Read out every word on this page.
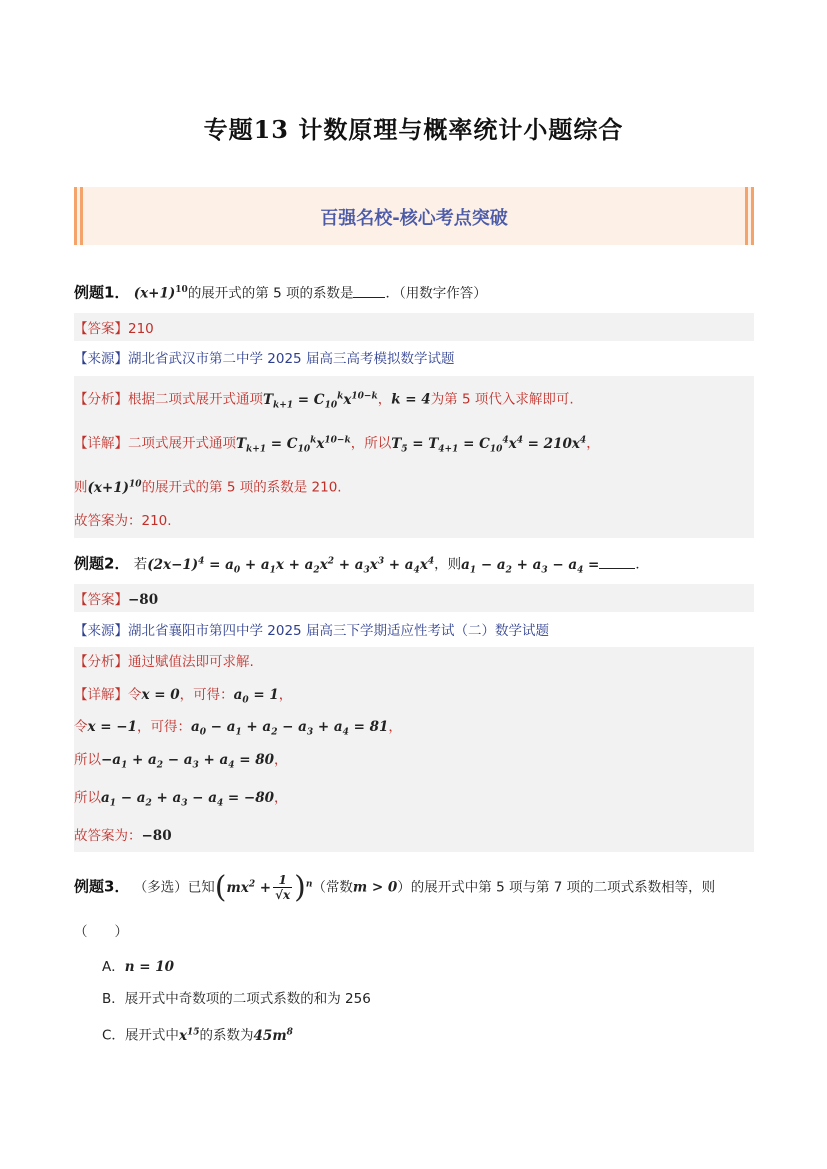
专题13 计数原理与概率统计小题综合
百强名校-核心考点突破
例题1． $(x+1)^{10}$的展开式的第 5 项的系数是 ．（用数字作答）
【答案】210
【来源】湖北省武汉市第二中学 2025 届高三高考模拟数学试题
【分析】根据二项式展开式通项$T_{k+1} = C_{10}^kx^{10-k}$，k = 4为第 5 项代入求解即可.
【详解】二项式展开式通项$T_{k+1} = C_{10}^kx^{10-k}$，所以$T_5 = T_{4+1} = C_{10}^4x^4 = 210x^4$，
则$(x+1)^{10}$的展开式的第 5 项的系数是 210.
故答案为：210.
例题2． 若$(2x-1)^4 = a_0 + a_1x + a_2x^2 + a_3x^3 + a_4x^4$，则$a_1 - a_2 + a_3 - a_4$ =	．
【答案】−80
【来源】湖北省襄阳市第四中学 2025 届高三下学期适应性考试（二）数学试题
【分析】通过赋值法即可求解.
【详解】令x = 0，可得：$a_0 = 1$，
令x = −1，可得：$a_0 - a_1 + a_2 - a_3 + a_4 = 81$，
所以$-a_1 + a_2 - a_3 + a_4 = 80$，
所以$a_1 - a_2 + a_3 - a_4 = -80$，
故答案为：−80
例题3． （多选）已知$(mx^2 + \frac{1}{√x} )^n$（常数m > 0）的展开式中第 5 项与第 7 项的二项式系数相等，则
（　　）
A．n = 10
B．展开式中奇数项的二项式系数的和为 256
C．展开式中$x^{15}$的系数为$45m^8$
